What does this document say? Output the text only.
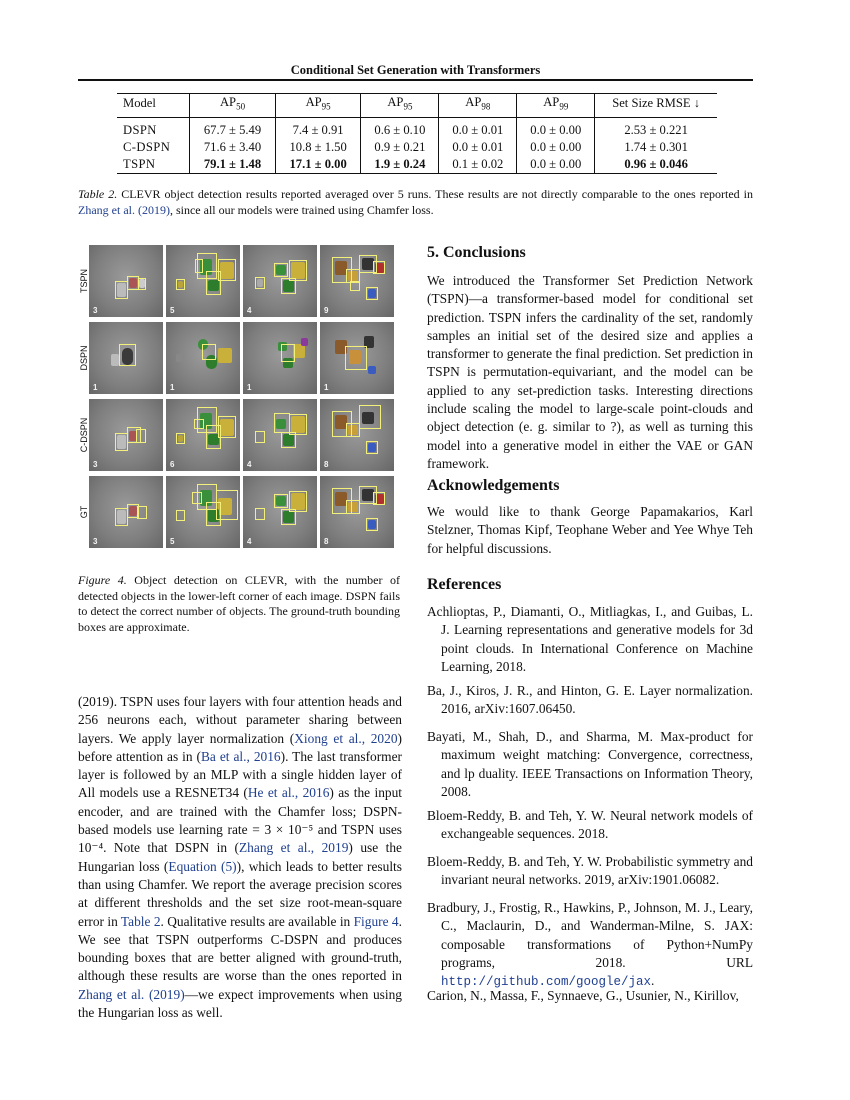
Conditional Set Generation with Transformers
Model	$AP_{50}$	$AP_{95}$	$AP_{95}$	$AP_{98}$	$AP_{99}$	Set Size RMSE ↓
DSPN	67.7 ± 5.49	7.4 ± 0.91	0.6 ± 0.10	0.0 ± 0.01	0.0 ± 0.00	2.53 ± 0.221
C-DSPN	71.6 ± 3.40	10.8 ± 1.50	0.9 ± 0.21	0.0 ± 0.01	0.0 ± 0.00	1.74 ± 0.301
TSPN	79.1 ± 1.48	17.1 ± 0.00	1.9 ± 0.24	0.1 ± 0.02	0.0 ± 0.00	0.96 ± 0.046
Table 2. CLEVR object detection results reported averaged over 5 runs. These results are not directly comparable to the ones reported in Zhang et al. (2019), since all our models were trained using Chamfer loss.
TSPN
DSPN
C-DSPN
GT
3	5	4	9
1	1	1	1
3	6	4	8
3	5	4	8
Figure 4. Object detection on CLEVR, with the number of detected objects in the lower-left corner of each image. DSPN fails to detect the correct number of objects. The ground-truth bounding boxes are approximate.
(2019). TSPN uses four layers with four attention heads and 256 neurons each, without parameter sharing between layers. We apply layer normalization (Xiong et al., 2020) before attention as in (Ba et al., 2016). The last transformer layer is followed by an MLP with a single hidden layer of All models use a RESNET34 (He et al., 2016) as the input encoder, and are trained with the Chamfer loss; DSPN-based models use learning rate = 3 × 10⁻⁵ and TSPN uses 10⁻⁴. Note that DSPN in (Zhang et al., 2019) use the Hungarian loss (Equation (5)), which leads to better results than using Chamfer. We report the average precision scores at different thresholds and the set size root-mean-square error in Table 2. Qualitative results are available in Figure 4. We see that TSPN outperforms C-DSPN and produces bounding boxes that are better aligned with ground-truth, although these results are worse than the ones reported in Zhang et al. (2019)—we expect improvements when using the Hungarian loss as well.
5. Conclusions
We introduced the Transformer Set Prediction Network (TSPN)—a transformer-based model for conditional set prediction. TSPN infers the cardinality of the set, randomly samples an initial set of the desired size and applies a transformer to generate the final prediction. Set prediction in TSPN is permutation-equivariant, and the model can be applied to any set-prediction tasks. Interesting directions include scaling the model to large-scale point-clouds and object detection (e. g. similar to ?), as well as turning this model into a generative model in either the VAE or GAN framework.
Acknowledgements
We would like to thank George Papamakarios, Karl Stelzner, Thomas Kipf, Teophane Weber and Yee Whye Teh for helpful discussions.
References
Achlioptas, P., Diamanti, O., Mitliagkas, I., and Guibas, L. J. Learning representations and generative models for 3d point clouds. In International Conference on Machine Learning, 2018.
Ba, J., Kiros, J. R., and Hinton, G. E. Layer normalization. 2016, arXiv:1607.06450.
Bayati, M., Shah, D., and Sharma, M. Max-product for maximum weight matching: Convergence, correctness, and lp duality. IEEE Transactions on Information Theory, 2008.
Bloem-Reddy, B. and Teh, Y. W. Neural network models of exchangeable sequences. 2018.
Bloem-Reddy, B. and Teh, Y. W. Probabilistic symmetry and invariant neural networks. 2019, arXiv:1901.06082.
Bradbury, J., Frostig, R., Hawkins, P., Johnson, M. J., Leary, C., Maclaurin, D., and Wanderman-Milne, S. JAX: composable transformations of Python+NumPy programs, 2018. URL http://github.com/google/jax.
Carion, N., Massa, F., Synnaeve, G., Usunier, N., Kirillov,
